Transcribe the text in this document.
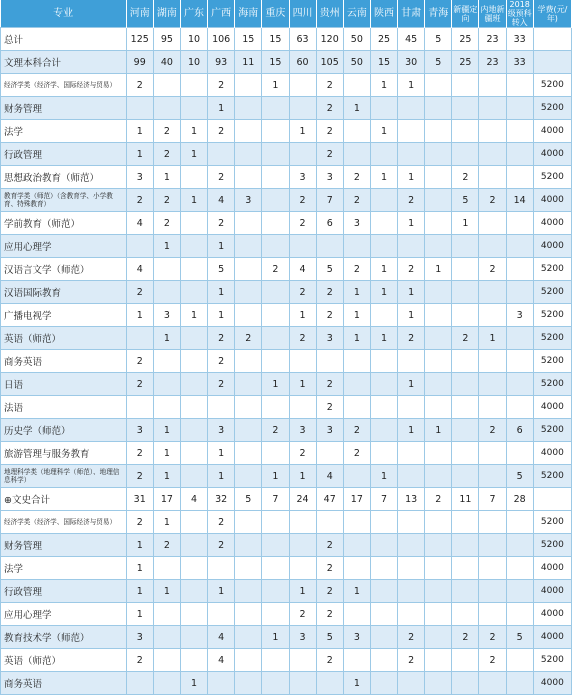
专业	河南	湖南	广东	广西	海南	重庆	四川	贵州	云南	陕西	甘肃	青海	新疆定向	内地新疆班	2018级预科转入	学费(元/年)
总计	125	95	10	106	15	15	63	120	50	25	45	5	25	23	33	
文理本科合计	99	40	10	93	11	15	60	105	50	15	30	5	25	23	33	
经济学类（经济学、国际经济与贸易）	2			2		1		2		1	1					5200
财务管理				1				2	1							5200
法学	1	2	1	2			1	2		1						4000
行政管理	1	2	1					2								4000
思想政治教育（师范）	3	1		2			3	3	2	1	1		2			5200
教育学类（师范）（含教育学、小学教育、特殊教育）	2	2	1	4	3		2	7	2		2		5	2	14	4000
学前教育（师范）	4	2		2			2	6	3		1		1			4000
应用心理学		1		1												4000
汉语言文学（师范）	4			5		2	4	5	2	1	2	1		2		5200
汉语国际教育	2			1			2	2	1	1	1					5200
广播电视学	1	3	1	1			1	2	1		1				3	5200
英语（师范）		1		2	2		2	3	1	1	2		2	1		5200
商务英语	2			2												5200
日语	2			2		1	1	2			1					5200
法语								2								4000
历史学（师范）	3	1		3		2	3	3	2		1	1		2	6	5200
旅游管理与服务教育	2	1		1			2		2							4000
地理科学类（地理科学（师范）、地理信息科学）	2	1		1		1	1	4		1					5	5200
⊕文史合计	31	17	4	32	5	7	24	47	17	7	13	2	11	7	28	
经济学类（经济学、国际经济与贸易）	2	1		2												5200
财务管理	1	2		2				2								5200
法学	1							2								4000
行政管理	1	1		1			1	2	1							4000
应用心理学	1						2	2								4000
教育技术学（师范）	3			4		1	3	5	3		2		2	2	5	4000
英语（师范）	2			4				2			2			2		5200
商务英语			1						1							4000
